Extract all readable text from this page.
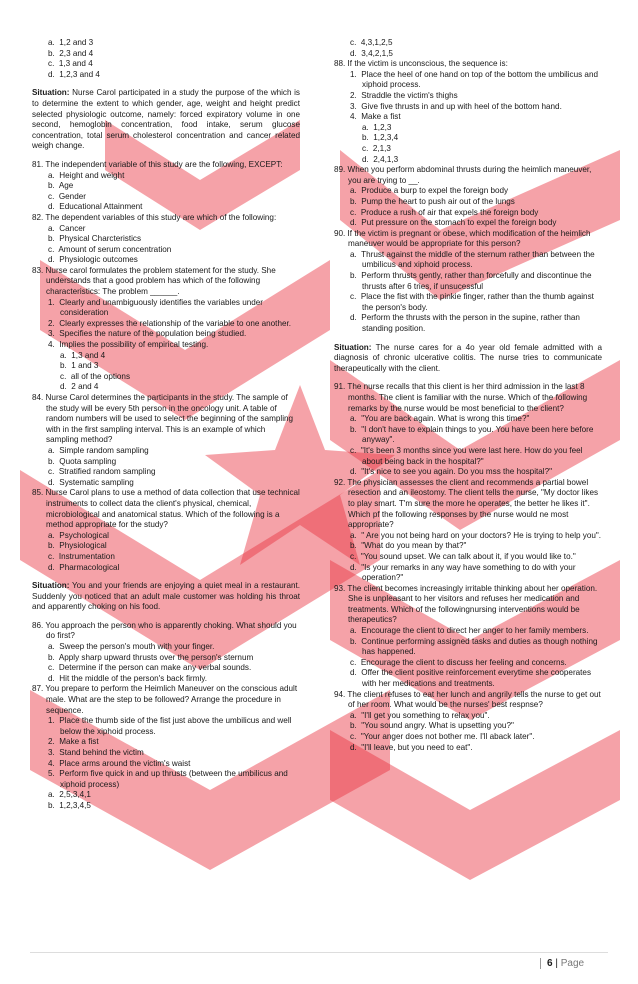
a.  1,2 and 3
b.  2,3 and 4
c.  1,3 and 4
d.  1,2,3 and 4
Situation: Nurse Carol participated in a study the purpose of the which is to determine the extent to which gender, age, weight and height predict selected physiologic outcome, namely: forced expiratory volume in one second, hemoglobin concentration, food intake, serum glucose concentration, total serum cholesterol concentration and cancer related weigh change.
81. The independent variable of this study are the following, EXCEPT:
a.  Height and weight
b.  Age
c.  Gender
d.  Educational Attainment
82. The dependent variables of this study are which of the following:
a.  Cancer
b.  Physical Charcteristics
c.  Amount of serum concentration
d.  Physiologic outcomes
83. Nurse carol formulates the problem statement for the study. She understands that a good problem has which of the following characteristics: The problem ______.
1.  Clearly and unambiguously identifies the variables under consideration
2.  Clearly expresses the relationship of the variable to one another.
3.  Specifies the nature of the population being studied.
4.  Implies the possibility of empirical testing.
a.  1,3 and 4
b.  1 and 3
c.  all of the options
d.  2 and 4
84. Nurse Carol determines the participants in the study. The sample of the study will be every 5th person in the oncology unit. A table of random numbers will be used to select the beginning of the sampling with in the first sampling interval. This is an example of which sampling method?
a.  Simple random sampling
b.  Quota sampling
c.  Stratified random sampling
d.  Systematic sampling
85. Nurse Carol plans to use a method of data collection that use technical instruments to collect data the client's physical, chemical, microbiological and anatomical status. Which of the following is a method appropriate for the study?
a.  Psychological
b.  Physiological
c.  Instrumentation
d.  Pharmacological
Situation: You and your friends are enjoying a quiet meal in a restaurant. Suddenly you noticed that an adult male customer was holding his throat and apparently choking on his food.
86. You approach the person who is apparently choking. What should you do first?
a.  Sweep the person's mouth with your finger.
b.  Apply sharp upward thrusts over the person's sternum
c.  Determine if the person can make any verbal sounds.
d.  Hit the middle of the person's back firmly.
87. You prepare to perform the Heimlich Maneuver on the conscious adult male. What are the step to be followed? Arrange the procedure in sequence.
1.  Place the thumb side of the fist just above the umbilicus and well below the xiphoid process.
2.  Make a fist
3.  Stand behind the victim
4.  Place arms around the victim's waist
5.  Perform five quick in and up thrusts (between the umbilicus and xiphoid process)
a.  2,5,3,4,1
b.  1,2,3,4,5
c.  4,3,1,2,5
d.  3,4,2,1,5
88. If the victim is unconscious, the sequence is:
1.  Place the heel of one hand on top of the bottom the umbilicus and xiphoid process.
2.  Straddle the victim's thighs
3.  Give five thrusts in and up with heel of the bottom hand.
4.  Make a fist
a.  1,2,3
b.  1,2,3,4
c.  2,1,3
d.  2,4,1,3
89. When you perform abdominal thrusts during the heimlich maneuver, you are trying to __.
a.  Produce a burp to expel the foreign body
b.  Pump the heart to push air out of the lungs
c.  Produce a rush of air that expels the foreign body
d.  Put pressure on the stomach to expel the foreign body
90. If the victim is pregnant or obese, which modification of the heimlich maneuver would be appropriate for this person?
a.  Thrust against the middle of the sternum rather than between the umbilicus and xiphoid process.
b.  Perform thrusts gently, rather than forcefully and discontinue the thrusts after 6 tries, if unsucessful
c.  Place the fist with the pinkie finger, rather than the thumb against the person's body.
d.  Perform the thrusts with the person in the supine, rather than standing position.
Situation: The nurse cares for a 4o year old female admitted with a diagnosis of chronic ulcerative colitis. The nurse tries to communicate therapeutically with the client.
91. The nurse recalls that this client is her third admission in the last 8 months. The client is familiar with the nurse. Which of the following remarks by the nurse would be most beneficial to the client?
a.  "You are back again. What is wrong this time?"
b.  "I don't have to explain things to you. You have been here before anyway".
c.  "It's been 3 months since you were last here. How do you feel about being back in the hospital?"
d.  "It's nice to see you again. Do you mss the hospital?"
92. The physician assesses the client and recommends a partial bowel resection and an ileostomy. The client tells the nurse, "My doctor likes to play smart. T'm sure the more he operates, the better he likes it". Which pf the following responses by the nurse would ne most appropriate?
a.  " Are you not being hard on your doctors? He is trying to help you".
b.  "What do you mean by that?"
c.  "You sound upset. We can talk about it, if you would like to."
d.  "Is your remarks in any way have something to do with your operation?"
93. The client becomes increasingly irritable thinking about her operation. She is unpleasant to her visitors and refuses her medication and treatments. Which of the followingnursing interventions would be therapeutics?
a.  Encourage the client to direct her anger to her family members.
b.  Continue performing assigned tasks and duties as though nothing has happened.
c.  Encourage the client to discuss her feeling and concerns.
d.  Offer the client positive reinforcement everytime she cooperates with her medications and treatments.
94. The client refuses to eat her lunch and angrily tells the nurse to get out of her room. What would be the nurses' best respnse?
a.  "I'll get you something to relax you".
b.  "You sound angry. What is upsetting you?"
c.  "Your anger does not bother me. I'll aback later".
d.  "I'll leave, but you need to eat".
6 | Page
